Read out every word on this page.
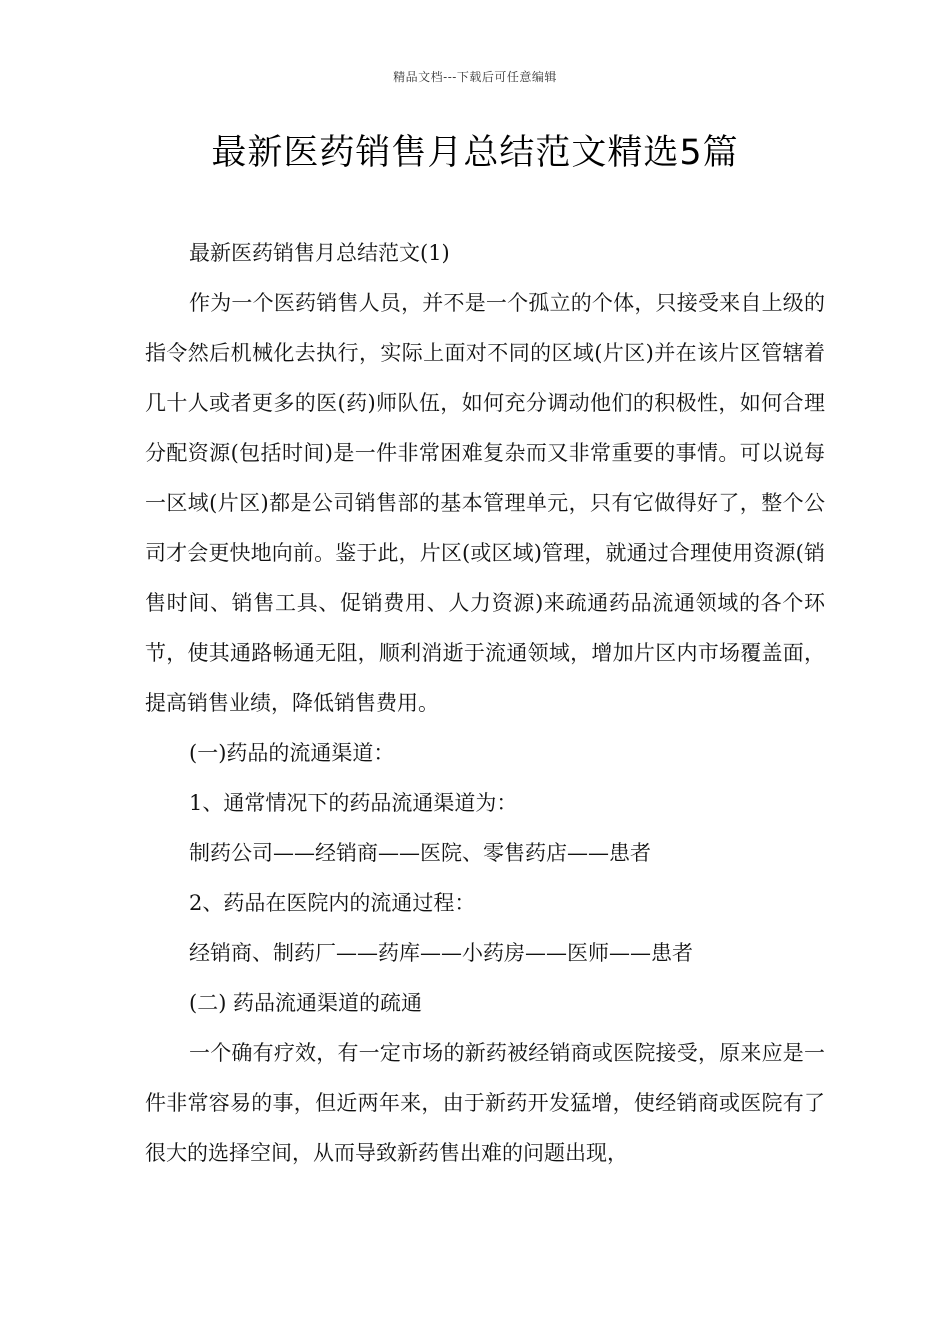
精品文档---下载后可任意编辑
最新医药销售月总结范文精选5篇

最新医药销售月总结范文(1)

作为一个医药销售人员，并不是一个孤立的个体，只接受来自上级的指令然后机械化去执行，实际上面对不同的区域(片区)并在该片区管辖着几十人或者更多的医(药)师队伍，如何充分调动他们的积极性，如何合理分配资源(包括时间)是一件非常困难复杂而又非常重要的事情。可以说每一区域(片区)都是公司销售部的基本管理单元，只有它做得好了，整个公司才会更快地向前。鉴于此，片区(或区域)管理，就通过合理使用资源(销售时间、销售工具、促销费用、人力资源)来疏通药品流通领域的各个环节，使其通路畅通无阻，顺利消逝于流通领域，增加片区内市场覆盖面，提高销售业绩，降低销售费用。

(一)药品的流通渠道：

1、通常情况下的药品流通渠道为：

制药公司——经销商——医院、零售药店——患者

2、药品在医院内的流通过程：

经销商、制药厂——药库——小药房——医师——患者

(二) 药品流通渠道的疏通

一个确有疗效，有一定市场的新药被经销商或医院接受，原来应是一件非常容易的事，但近两年来，由于新药开发猛增，使经销商或医院有了很大的选择空间，从而导致新药售出难的问题出现，
